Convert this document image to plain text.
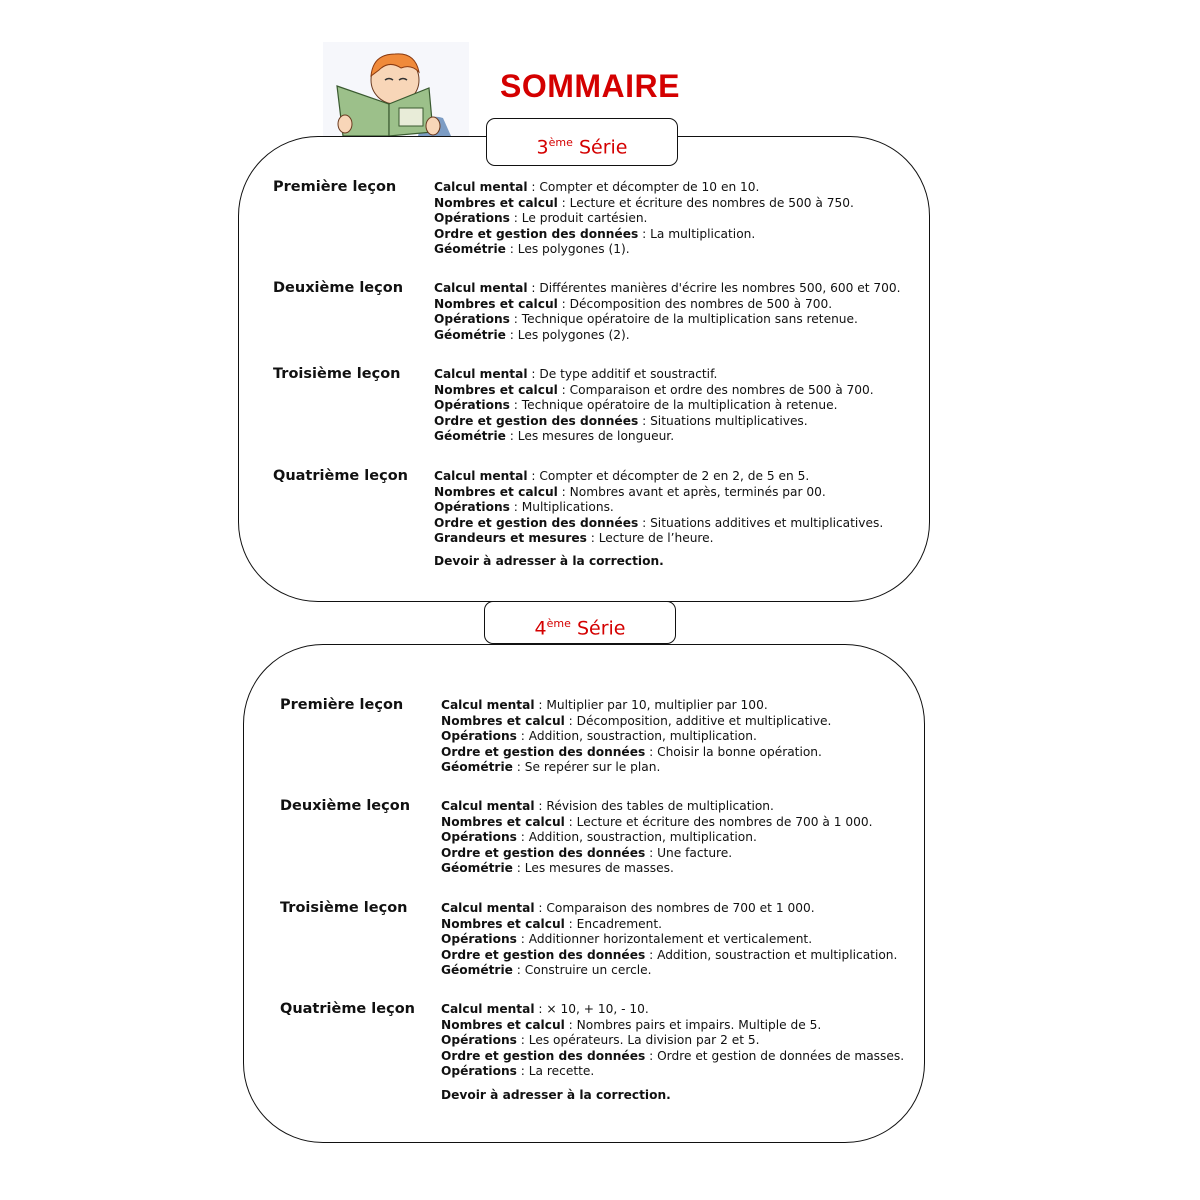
SOMMAIRE
Première leçon	Calcul mental : Compter et décompter de 10 en 10.
Nombres et calcul : Lecture et écriture des nombres de 500 à 750.
Opérations : Le produit cartésien.
Ordre et gestion des données : La multiplication.
Géométrie : Les polygones (1).
Deuxième leçon	Calcul mental : Différentes manières d'écrire les nombres 500, 600 et 700.
Nombres et calcul : Décomposition des nombres de 500 à 700.
Opérations : Technique opératoire de la multiplication sans retenue.
Géométrie : Les polygones (2).
Troisième leçon	Calcul mental : De type additif et soustractif.
Nombres et calcul : Comparaison et ordre des nombres de 500 à 700.
Opérations : Technique opératoire de la multiplication à retenue.
Ordre et gestion des données : Situations multiplicatives.
Géométrie : Les mesures de longueur.
Quatrième leçon Calcul mental : Compter et décompter de 2 en 2, de 5 en 5.
Nombres et calcul : Nombres avant et après, terminés par 00.
Opérations : Multiplications.
Ordre et gestion des données : Situations additives et multiplicatives.
Grandeurs et mesures : Lecture de l’heure.
Devoir à adresser à la correction.
3ème Série
Première leçon	Calcul mental : Multiplier par 10, multiplier par 100.
Nombres et calcul : Décomposition, additive et multiplicative.
Opérations : Addition, soustraction, multiplication.
Ordre et gestion des données : Choisir la bonne opération.
Géométrie : Se repérer sur le plan.
Deuxième leçon	Calcul mental : Révision des tables de multiplication.
Nombres et calcul : Lecture et écriture des nombres de 700 à 1 000.
Opérations : Addition, soustraction, multiplication.
Ordre et gestion des données : Une facture.
Géométrie : Les mesures de masses.
Troisième leçon	Calcul mental : Comparaison des nombres de 700 et 1 000.
Nombres et calcul : Encadrement.
Opérations : Additionner horizontalement et verticalement.
Ordre et gestion des données : Addition, soustraction et multiplication.
Géométrie : Construire un cercle.
Quatrième leçon Calcul mental : × 10, + 10, - 10.
Nombres et calcul : Nombres pairs et impairs. Multiple de 5.
Opérations : Les opérateurs. La division par 2 et 5.
Ordre et gestion des données : Ordre et gestion de données de masses.
Opérations : La recette.
Devoir à adresser à la correction.
4ème Série
